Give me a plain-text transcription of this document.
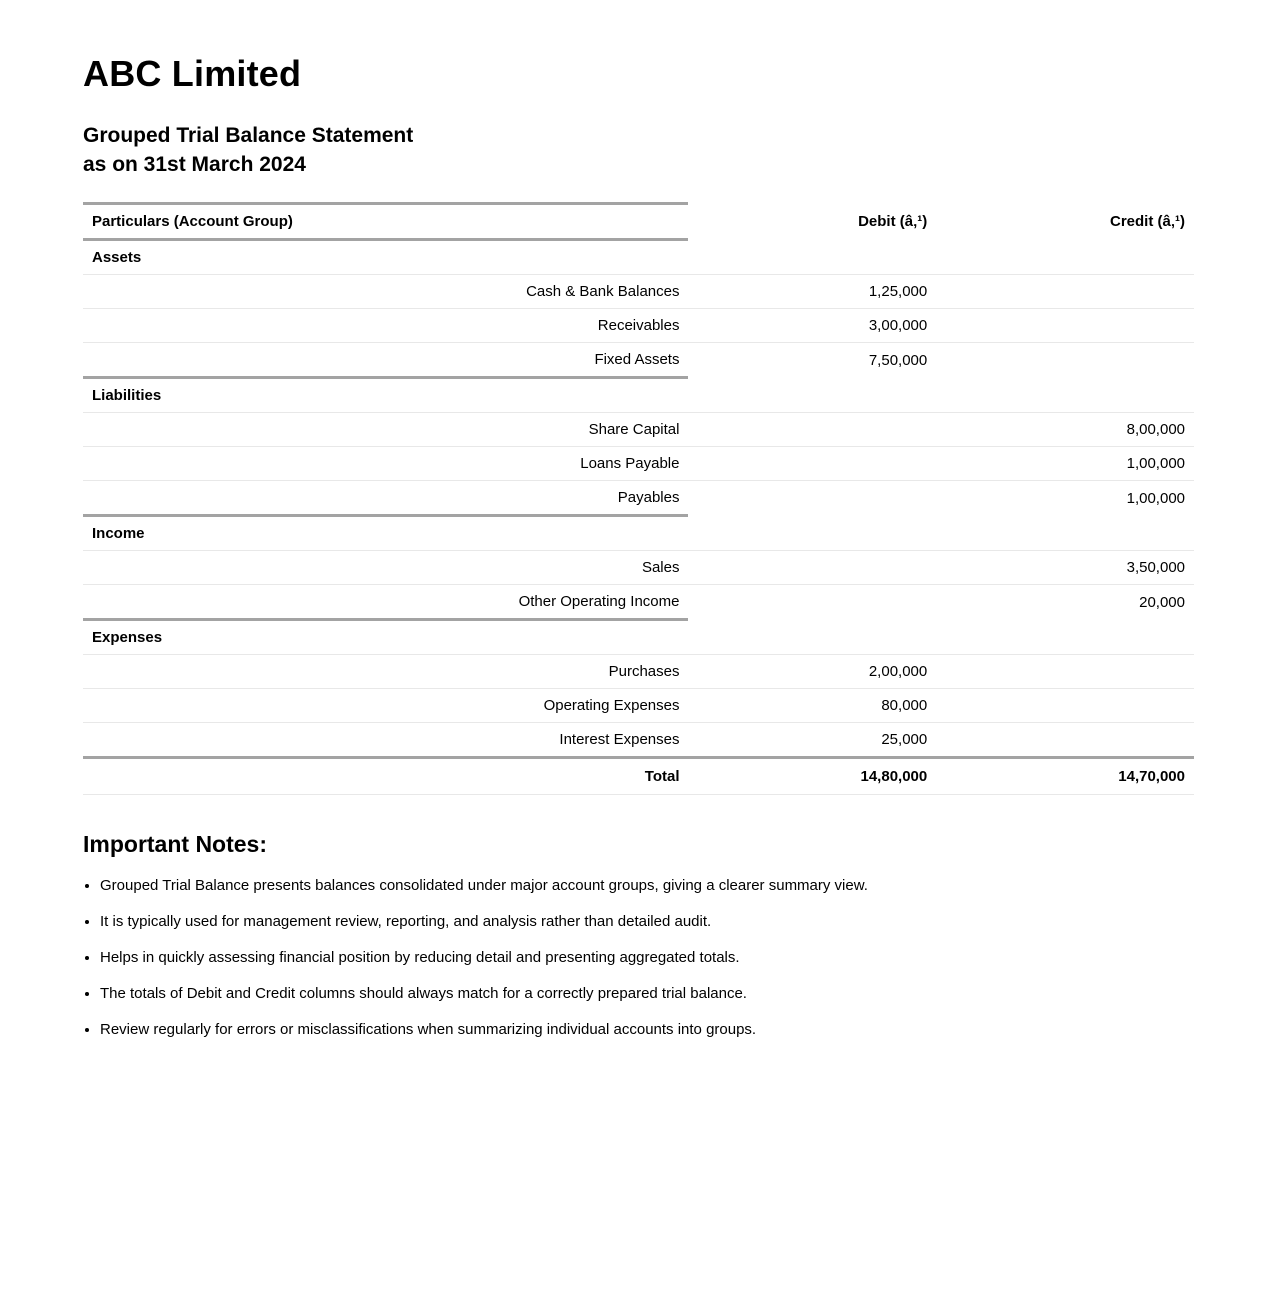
ABC Limited
Grouped Trial Balance Statement
as on 31st March 2024
Particulars (Account Group)	Debit (â‚¹)	Credit (â‚¹)
Assets		
Cash & Bank Balances	1,25,000	
Receivables	3,00,000	
Fixed Assets	7,50,000	
Liabilities		
Share Capital		8,00,000
Loans Payable		1,00,000
Payables		1,00,000
Income		
Sales		3,50,000
Other Operating Income		20,000
Expenses		
Purchases	2,00,000	
Operating Expenses	80,000	
Interest Expenses	25,000	
Total	14,80,000	14,70,000
Important Notes:
• Grouped Trial Balance presents balances consolidated under major account groups, giving a clearer summary view.
• It is typically used for management review, reporting, and analysis rather than detailed audit.
• Helps in quickly assessing financial position by reducing detail and presenting aggregated totals.
• The totals of Debit and Credit columns should always match for a correctly prepared trial balance.
• Review regularly for errors or misclassifications when summarizing individual accounts into groups.
